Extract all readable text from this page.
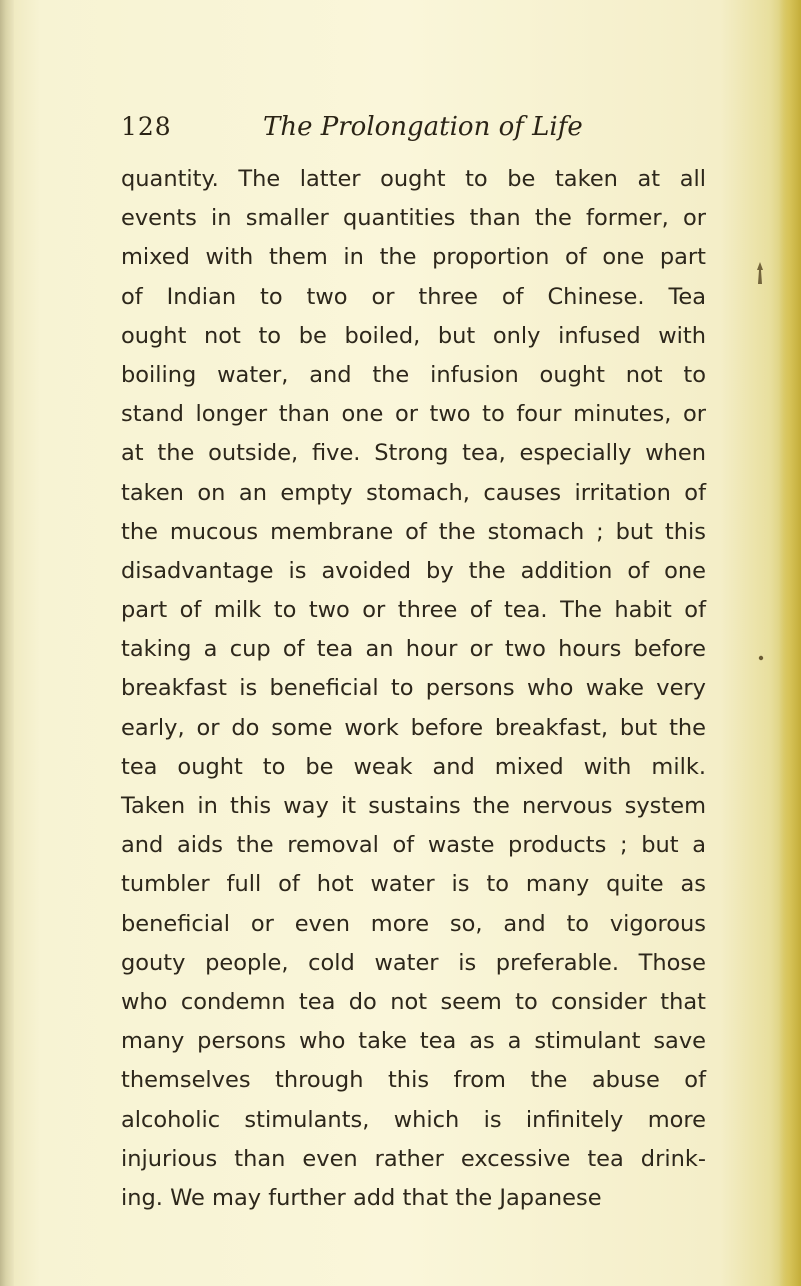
128	The Prolongation of Life
quantity. The latter ought to be taken at all
events in smaller quantities than the former, or
mixed with them in the proportion of one part
of Indian to two or three of Chinese. Tea
ought not to be boiled, but only infused with
boiling water, and the infusion ought not to
stand longer than one or two to four minutes, or
at the outside, five. Strong tea, especially when
taken on an empty stomach, causes irritation of
the mucous membrane of the stomach ; but this
disadvantage is avoided by the addition of one
part of milk to two or three of tea. The habit of
taking a cup of tea an hour or two hours before
breakfast is beneficial to persons who wake very
early, or do some work before breakfast, but the
tea ought to be weak and mixed with milk.
Taken in this way it sustains the nervous system
and aids the removal of waste products ; but a
tumbler full of hot water is to many quite as
beneficial or even more so, and to vigorous
gouty people, cold water is preferable. Those
who condemn tea do not seem to consider that
many persons who take tea as a stimulant save
themselves through this from the abuse of
alcoholic stimulants, which is infinitely more
injurious than even rather excessive tea drink-
ing. We may further add that the Japanese
